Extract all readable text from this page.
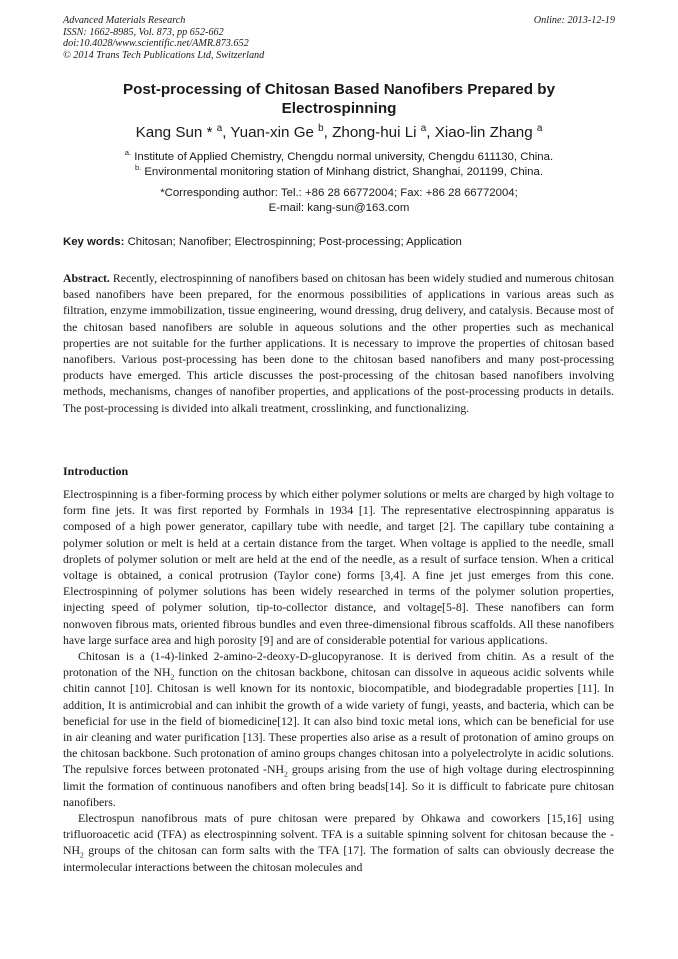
Advanced Materials Research
ISSN: 1662-8985, Vol. 873, pp 652-662
doi:10.4028/www.scientific.net/AMR.873.652
© 2014 Trans Tech Publications Ltd, Switzerland
Online: 2013-12-19
Post-processing of Chitosan Based Nanofibers Prepared by
Electrospinning
Kang Sun * $^a$, Yuan-xin Ge $^b$, Zhong-hui Li $^a$, Xiao-lin Zhang $^a$
$^{a.}$ Institute of Applied Chemistry, Chengdu normal university, Chengdu 611130, China.
$^{b.}$ Environmental monitoring station of Minhang district, Shanghai, 201199, China.
*Corresponding author: Tel.: +86 28 66772004; Fax: +86 28 66772004;
E-mail: kang-sun@163.com
Key words: Chitosan; Nanofiber; Electrospinning; Post-processing; Application
Abstract. Recently, electrospinning of nanofibers based on chitosan has been widely studied and numerous chitosan based nanofibers have been prepared, for the enormous possibilities of applications in various areas such as filtration, enzyme immobilization, tissue engineering, wound dressing, drug delivery, and catalysis. Because most of the chitosan based nanofibers are soluble in aqueous solutions and the other properties such as mechanical properties are not suitable for the further applications. It is necessary to improve the properties of chitosan based nanofibers. Various post-processing has been done to the chitosan based nanofibers and many post-processing products have emerged. This article discusses the post-processing of the chitosan based nanofibers involving methods, mechanisms, changes of nanofiber properties, and applications of the post-processing products in details. The post-processing is divided into alkali treatment, crosslinking, and functionalizing.
Introduction

Electrospinning is a fiber-forming process by which either polymer solutions or melts are charged by high voltage to form fine jets. It was first reported by Formhals in 1934 [1]. The representative electrospinning apparatus is composed of a high power generator, capillary tube with needle, and target [2]. The capillary tube containing a polymer solution or melt is held at a certain distance from the target. When voltage is applied to the needle, small droplets of polymer solution or melt are held at the end of the needle, as a result of surface tension. When a critical voltage is obtained, a conical protrusion (Taylor cone) forms [3,4]. A fine jet just emerges from this cone. Electrospinning of polymer solutions has been widely researched in terms of the polymer solution properties, injecting speed of polymer solution, tip-to-collector distance, and voltage[5-8]. These nanofibers can form nonwoven fibrous mats, oriented fibrous bundles and even three-dimensional fibrous scaffolds. All these nanofibers have large surface area and high porosity [9] and are of considerable potential for various applications.

Chitosan is a (1-4)-linked 2-amino-2-deoxy-D-glucopyranose. It is derived from chitin. As a result of the protonation of the $NH_2$ function on the chitosan backbone, chitosan can dissolve in aqueous acidic solvents while chitin cannot [10]. Chitosan is well known for its nontoxic, biocompatible, and biodegradable properties [11]. In addition, It is antimicrobial and can inhibit the growth of a wide variety of fungi, yeasts, and bacteria, which can be beneficial for use in the field of biomedicine[12]. It can also bind toxic metal ions, which can be beneficial for use in air cleaning and water purification [13]. These properties also arise as a result of protonation of amino groups on the chitosan backbone. Such protonation of amino groups changes chitosan into a polyelectrolyte in acidic solutions. The repulsive forces between protonated $-NH_2$ groups arising from the use of high voltage during electrospinning limit the formation of continuous nanofibers and often bring beads[14]. So it is difficult to fabricate pure chitosan nanofibers.

Electrospun nanofibrous mats of pure chitosan were prepared by Ohkawa and coworkers [15,16] using trifluoroacetic acid (TFA) as electrospinning solvent. TFA is a suitable spinning solvent for chitosan because the $-NH_2$ groups of the chitosan can form salts with the TFA [17]. The formation of salts can obviously decrease the intermolecular interactions between the chitosan molecules and
